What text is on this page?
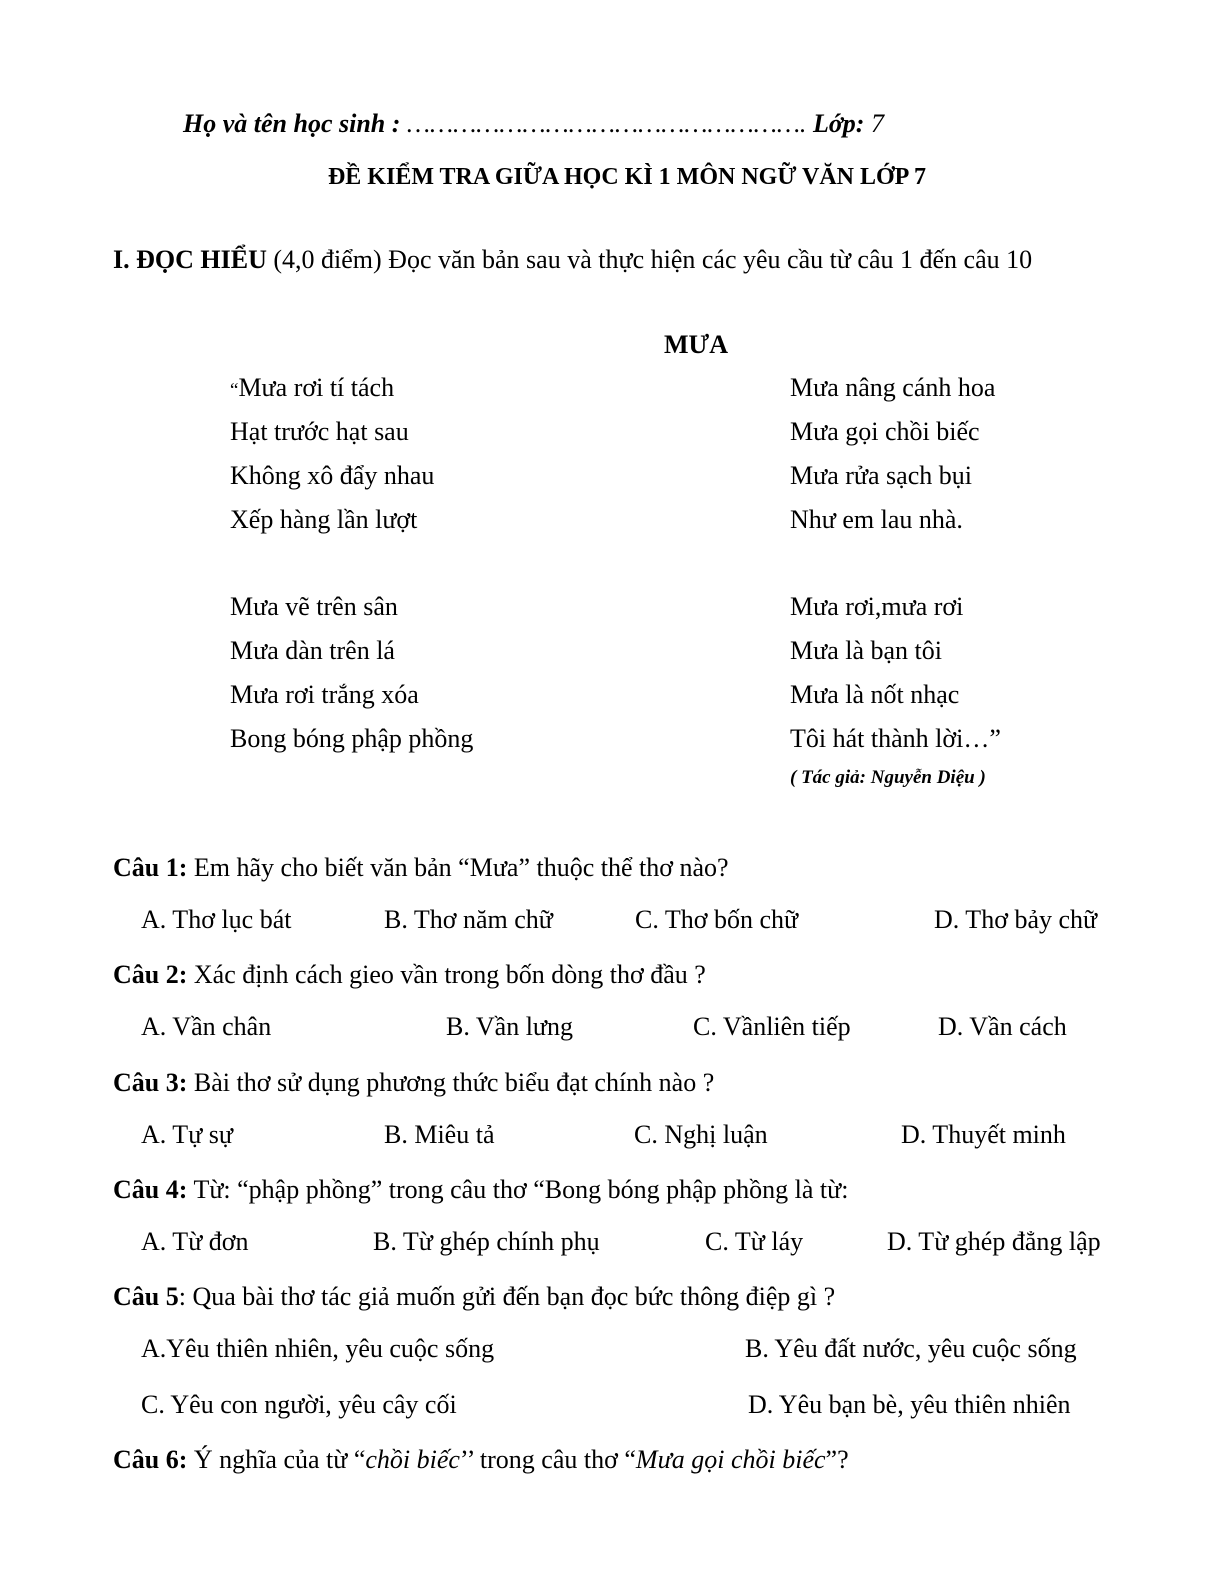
Họ và tên học sinh : ……………………………………………. Lớp: 7
ĐỀ KIỂM TRA GIỮA HỌC KÌ 1 MÔN NGỮ VĂN LỚP 7
I. ĐỌC HIỂU (4,0 điểm) Đọc văn bản sau và thực hiện các yêu cầu từ câu 1 đến câu 10
MƯA
“Mưa rơi tí tách
Hạt trước hạt sau
Không xô đẩy nhau
Xếp hàng lần lượt
Mưa vẽ trên sân
Mưa dàn trên lá
Mưa rơi trắng xóa
Bong bóng phập phồng
Mưa nâng cánh hoa
Mưa gọi chồi biếc
Mưa rửa sạch bụi
Như em lau nhà.
Mưa rơi,mưa rơi
Mưa là bạn tôi
Mưa là nốt nhạc
Tôi hát thành lời…”
( Tác giả: Nguyễn Diệu )
Câu 1: Em hãy cho biết văn bản “Mưa” thuộc thể thơ nào?
A. Thơ lục bát	B. Thơ năm chữ	C. Thơ bốn chữ	D. Thơ bảy chữ
Câu 2: Xác định cách gieo vần trong bốn dòng thơ đầu ?
A. Vần chân	B. Vần lưng	C. Vầnliên tiếp	D. Vần cách
Câu 3: Bài thơ sử dụng phương thức biểu đạt chính nào ?
A. Tự sự	B. Miêu tả	C. Nghị luận	D. Thuyết minh
Câu 4: Từ: “phập phồng” trong câu thơ “Bong bóng phập phồng là từ:
A. Từ đơn	B. Từ ghép chính phụ	C. Từ láy	D. Từ ghép đẳng lập
Câu 5: Qua bài thơ tác giả muốn gửi đến bạn đọc bức thông điệp gì ?
A.Yêu thiên nhiên, yêu cuộc sống	B. Yêu đất nước, yêu cuộc sống
C. Yêu con người, yêu cây cối	D. Yêu bạn bè, yêu thiên nhiên
Câu 6: Ý nghĩa của từ “chồi biếc’’ trong câu thơ “Mưa gọi chồi biếc”?
